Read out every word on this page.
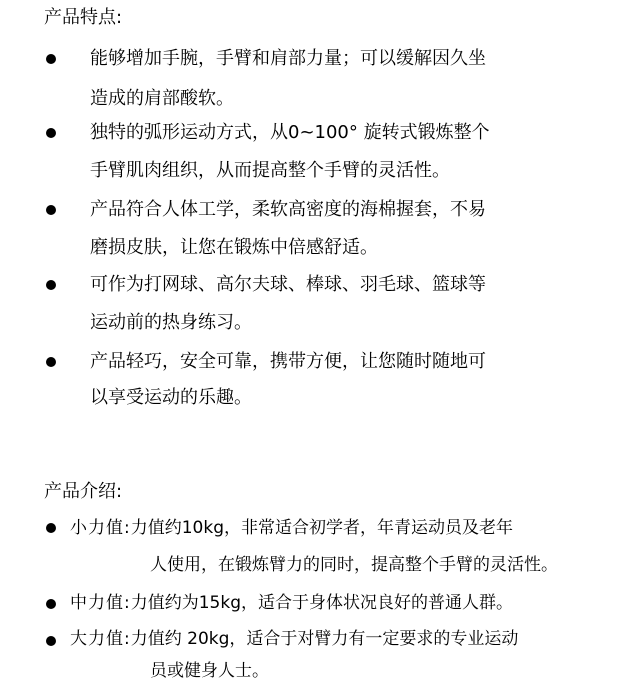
产品特点:
能够增加手腕，手臂和肩部力量；可以缓解因久坐
造成的肩部酸软。
独特的弧形运动方式，从0~100° 旋转式锻炼整个
手臂肌肉组织，从而提高整个手臂的灵活性。
产品符合人体工学，柔软高密度的海棉握套，不易
磨损皮肤，让您在锻炼中倍感舒适。
可作为打网球、高尔夫球、棒球、羽毛球、篮球等
运动前的热身练习。
产品轻巧，安全可靠，携带方便，让您随时随地可
以享受运动的乐趣。
产品介绍:
小力值:力值约10kg，非常适合初学者，年青运动员及老年
人使用，在锻炼臂力的同时，提高整个手臂的灵活性。
中力值:力值约为15kg，适合于身体状况良好的普通人群。
大力值:力值约 20kg，适合于对臂力有一定要求的专业运动
员或健身人士。
